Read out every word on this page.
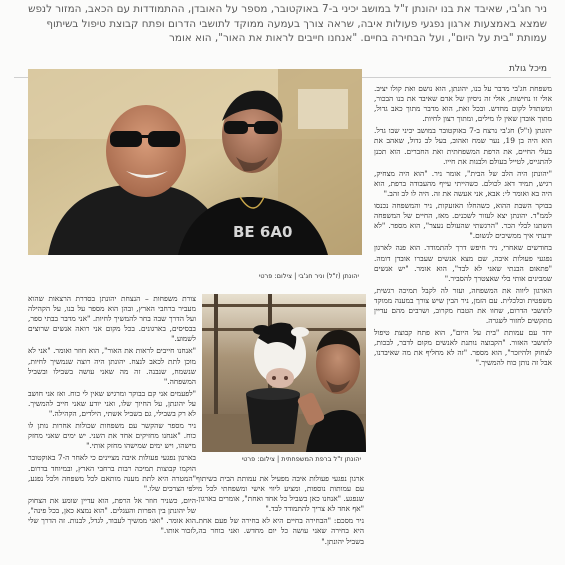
ניר חג'בי, שאיבד את בנו יהונתן ז"ל במושב יכיני ב-7 באוקטובר, מספר על האובדן, ההתמודדות עם הכאב, המזור לנפש שמצא באמצעות ארגון נפגעי פעולות איבה, שראה צורך בעמעה ממוקד לתושבי הדרום ופתח קבוצת טיפול בשיתוף עמותת "בית על היום", ועל הבחירה בחיים. "אנחנו חייבים לראות את האור", הוא אומר

מיכל גולת
BE 6A0
יהונתן (ז"ל) וניר חג'בי | צילום: פרטי
יהונתן ז"ל ברפת המשפחתית | צילום: פרטי

משפחת חג'בי מדבר על בנו, יהונתן, הוא נושם ואת קולו יציב. אולי זו נחישות, אולי זה ניסיון של אדם שאיבד את בנו הבכור, ומשתדל לקום מחדש. ובכל זאת, הוא מדבר מתוך כאב גדול, מתוך אובדן שאין לו מילים, ומתוך רצון לחיות.

יהונתן (ז"ל) חג'בי נרצח ב-7 באוקטובר במושב יכיני שבו גדל. הוא היה בן 19, נער שמח ואהוב, בעל לב גדול, שאהב את בעלי החיים, את הרפת המשפחתית ואת החברים. הוא תכנן להתגייס, לטייל בעולם ולבנות את חייו.

"יהונתן היה הלב של הבית", אומר ניר. "הוא היה מצחיק, רגיש, תמיד דאג לכולם. כשהייתי עייף מהעבודה ברפת, הוא היה בא ואומר לי: אבא, אני אעשה את זה. היה לו לב זהב."

בבוקר השבת ההוא, כשהחלו האזעקות, ניר והמשפחה נכנסו לממ"ד. יהונתן יצא לעזור לשכנים. מאז, החיים של המשפחה השתנו לבלי הכר. "הרגשתי שהעולם נעצר", הוא מספר. "לא ידעתי איך ממשיכים לנשום."

בחודשים שאחרי, ניר חיפש דרך להתמודד. הוא פנה לארגון נפגעי פעולות איבה, שם מצא אנשים שעברו אובדן דומה. "פתאום הבנתי שאני לא לבד", הוא אומר. "יש אנשים שמבינים אותי בלי שאצטרך להסביר."

הארגון ליווה את המשפחה, ועזר לה לקבל תמיכה רגשית, משפטית וכלכלית. עם הזמן, ניר הבין שיש צורך במענה ממוקד לתושבי הדרום, שחוו את הטבח מקרוב, ושרבים מהם עדיין מתקשים לחזור לשגרה.

יחד עם עמותת "בית על היום", הוא פתח קבוצת טיפול לתושבי האזור. "הקבוצה נותנת לאנשים מקום לדבר, לבכות, לצחוק ולהיזכר", הוא מספר. "זה לא מחליף את מה שאיבדנו, אבל זה נותן כוח להמשיך."

צורת משפחות – הנצחת יהונתן בסדרת הרצאות שהוא מעביר ברחבי הארץ, ובהן הוא מספר על בנו, על הקהילה ועל הדרך שבה בחר להמשיך לחיות. "אני מדבר בבתי ספר, בבסיסים, בארגונים. בכל מקום אני רואה אנשים שרוצים לשמוע."

"אנחנו חייבים לראות את האור", הוא חוזר ואומר. "אני לא מוכן לתת לכאב לנצח. יהונתן היה רוצה שנמשיך לחיות, שנשמח, שנבנה. זה מה שאני עושה בשבילו ובשביל המשפחה."

"לפעמים אני קם בבוקר ומרגיש שאין לי כוח. ואז אני חושב על יהונתן, על החיוך שלו, ואני יודע שאני חייב להמשיך. לא רק בשבילי, גם בשביל אשתי, הילדים, הקהילה."

ניר מספר שהקשר עם משפחות שכולות אחרות נותן לו כוח. "אנחנו מחזיקים אחד את השני. יש ימים שאני מחזק מישהו, ויש ימים שמישהו מחזק אותי."

בארגון נפגעי פעולות איבה מציינים כי לאחר ה-7 באוקטובר הוקמו קבוצות תמיכה רבות ברחבי הארץ, ובמיוחד בדרום. "המטרה היא לתת מענה מותאם לכל משפחה ולכל נפגע, לפי הצרכים שלו."

היום, כשניר חוזר אל הרפת, הוא עדיין שומע את הצחוק של יהונתן בין הפרות והעגלים. "הוא נמצא כאן, בכל פינה", הוא אומר. "ואני ממשיך לעבוד, לגדל, לבנות. זה הדרך שלי לזכור אותו."

ארגון נפגעי פעולות איבה מפעיל את עמותת הבית בשיתוף עם עמותות נוספות, ומציע ליווי אישי ומשפחתי לכל מי שנפגע. "אנחנו כאן בשביל כל אחד ואחת", אומרים בארגון. "אף אחד לא צריך להתמודד לבד."

ניר מסכם: "הבחירה בחיים היא לא בחירה של פעם אחת. היא בחירה שאני עושה כל יום מחדש. ואני בוחר בה, בשביל יהונתן."
